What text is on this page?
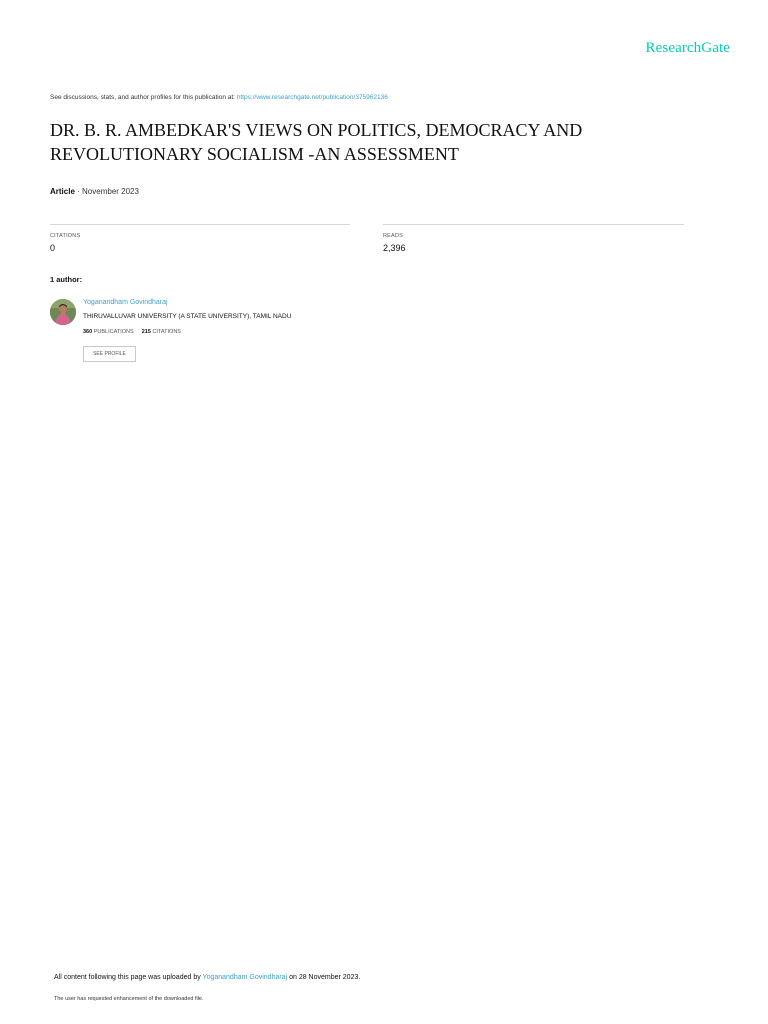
ResearchGate
See discussions, stats, and author profiles for this publication at: https://www.researchgate.net/publication/375962136
DR. B. R. AMBEDKAR'S VIEWS ON POLITICS, DEMOCRACY AND REVOLUTIONARY SOCIALISM -AN ASSESSMENT
Article · November 2023
CITATIONS
0
READS
2,396
1 author:
Yoganandham Govindharaj
THIRUVALLUVAR UNIVERSITY (A STATE UNIVERSITY), TAMIL NADU
360 PUBLICATIONS 215 CITATIONS
SEE PROFILE
All content following this page was uploaded by Yoganandham Govindharaj on 28 November 2023.
The user has requested enhancement of the downloaded file.
